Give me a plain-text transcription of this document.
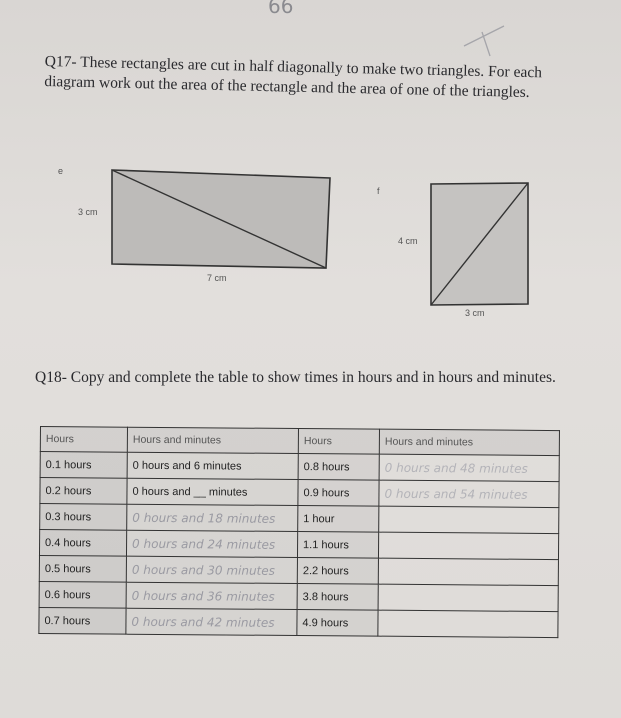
66
Q17- These rectangles are cut in half diagonally to make two triangles. For each diagram work out the area of the rectangle and the area of one of the triangles.
e
3 cm
7 cm
f
4 cm
3 cm
Q18- Copy and complete the table to show times in hours and in hours and minutes.
Hours	Hours and minutes	Hours	Hours and minutes
0.1 hours	0 hours and 6 minutes	0.8 hours	0 hours and 48 minutes
0.2 hours	0 hours and __ minutes	0.9 hours	0 hours and 54 minutes
0.3 hours	0 hours and 18 minutes	1 hour	
0.4 hours	0 hours and 24 minutes	1.1 hours	
0.5 hours	0 hours and 30 minutes	2.2 hours	
0.6 hours	0 hours and 36 minutes	3.8 hours	
0.7 hours	0 hours and 42 minutes	4.9 hours	
